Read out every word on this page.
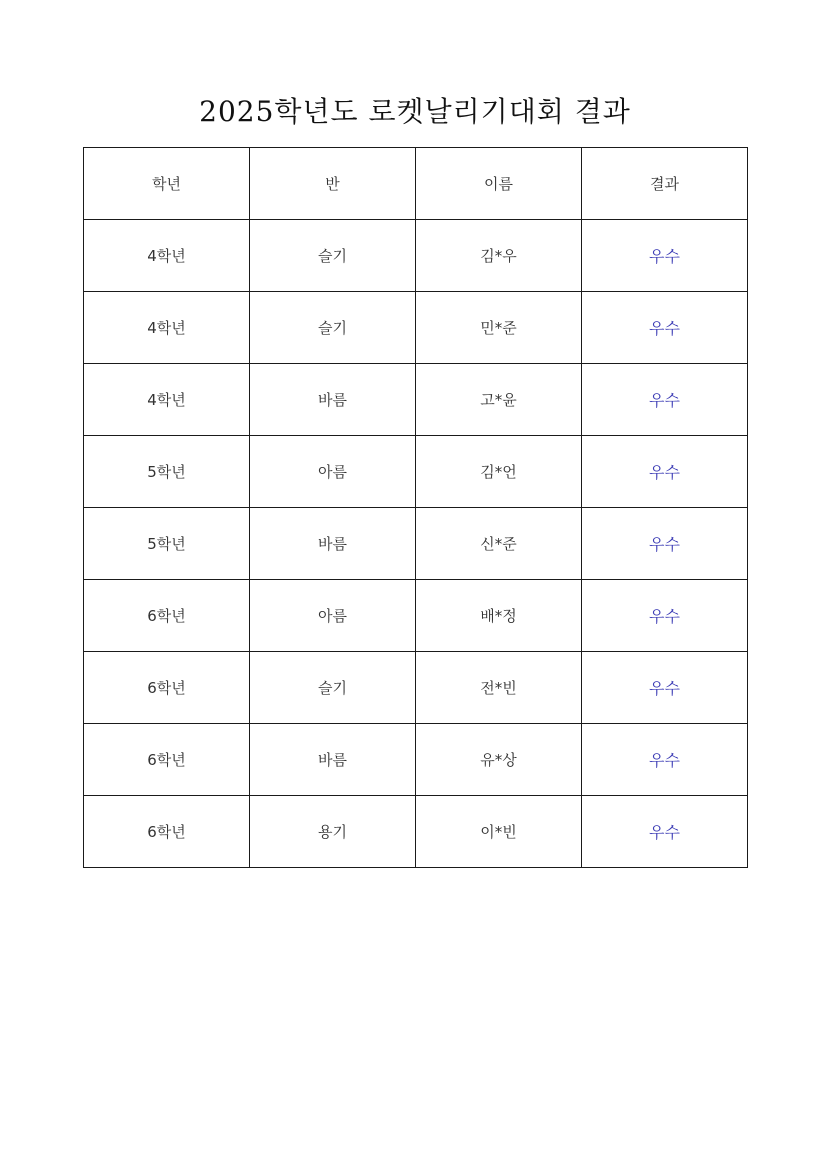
2025학년도 로켓날리기대회 결과
학년	반	이름	결과
4학년	슬기	김*우	우수
4학년	슬기	민*준	우수
4학년	바름	고*윤	우수
5학년	아름	김*언	우수
5학년	바름	신*준	우수
6학년	아름	배*정	우수
6학년	슬기	전*빈	우수
6학년	바름	유*상	우수
6학년	용기	이*빈	우수
